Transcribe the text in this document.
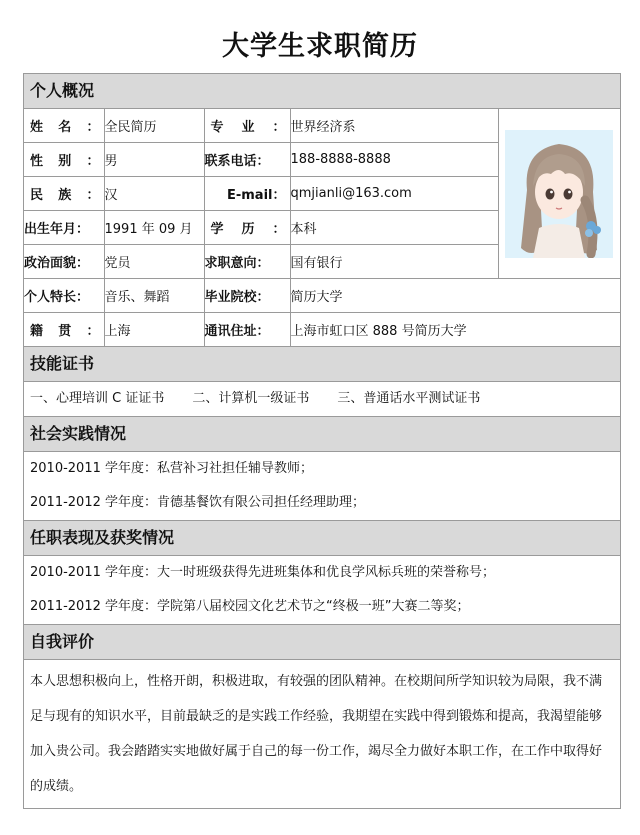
大学生求职简历
个人概况
姓 名 ：	全民简历	专 业 ：	世界经济系	

性 别 ：	男	联系电话：	188-8888-8888	

民 族 ：	汉	E-mail：	qmjianli@163.com	
出生年月：	1991 年 09 月	学 历 ：	本科	
政治面貌：	党员	求职意向：	国有银行	
个人特长：	音乐、舞蹈	毕业院校：	简历大学	

籍 贯 ：	上海	通讯住址：	上海市虹口区 888 号简历大学	
技能证书
一、心理培训 C 证证书 二、计算机一级证书 三、普通话水平测试证书
社会实践情况
2010-2011 学年度：私营补习社担任辅导教师；
2011-2012 学年度：肯德基餐饮有限公司担任经理助理；
任职表现及获奖情况
2010-2011 学年度：大一时班级获得先进班集体和优良学风标兵班的荣誉称号；
2011-2012 学年度：学院第八届校园文化艺术节之“终极一班”大赛二等奖；
自我评价
本人思想积极向上，性格开朗，积极进取，有较强的团队精神。在校期间所学知识较为局限，我不满足与现有的知识水平，目前最缺乏的是实践工作经验，我期望在实践中得到锻炼和提高，我渴望能够加入贵公司。我会踏踏实实地做好属于自己的每一份工作，竭尽全力做好本职工作，在工作中取得好的成绩。
